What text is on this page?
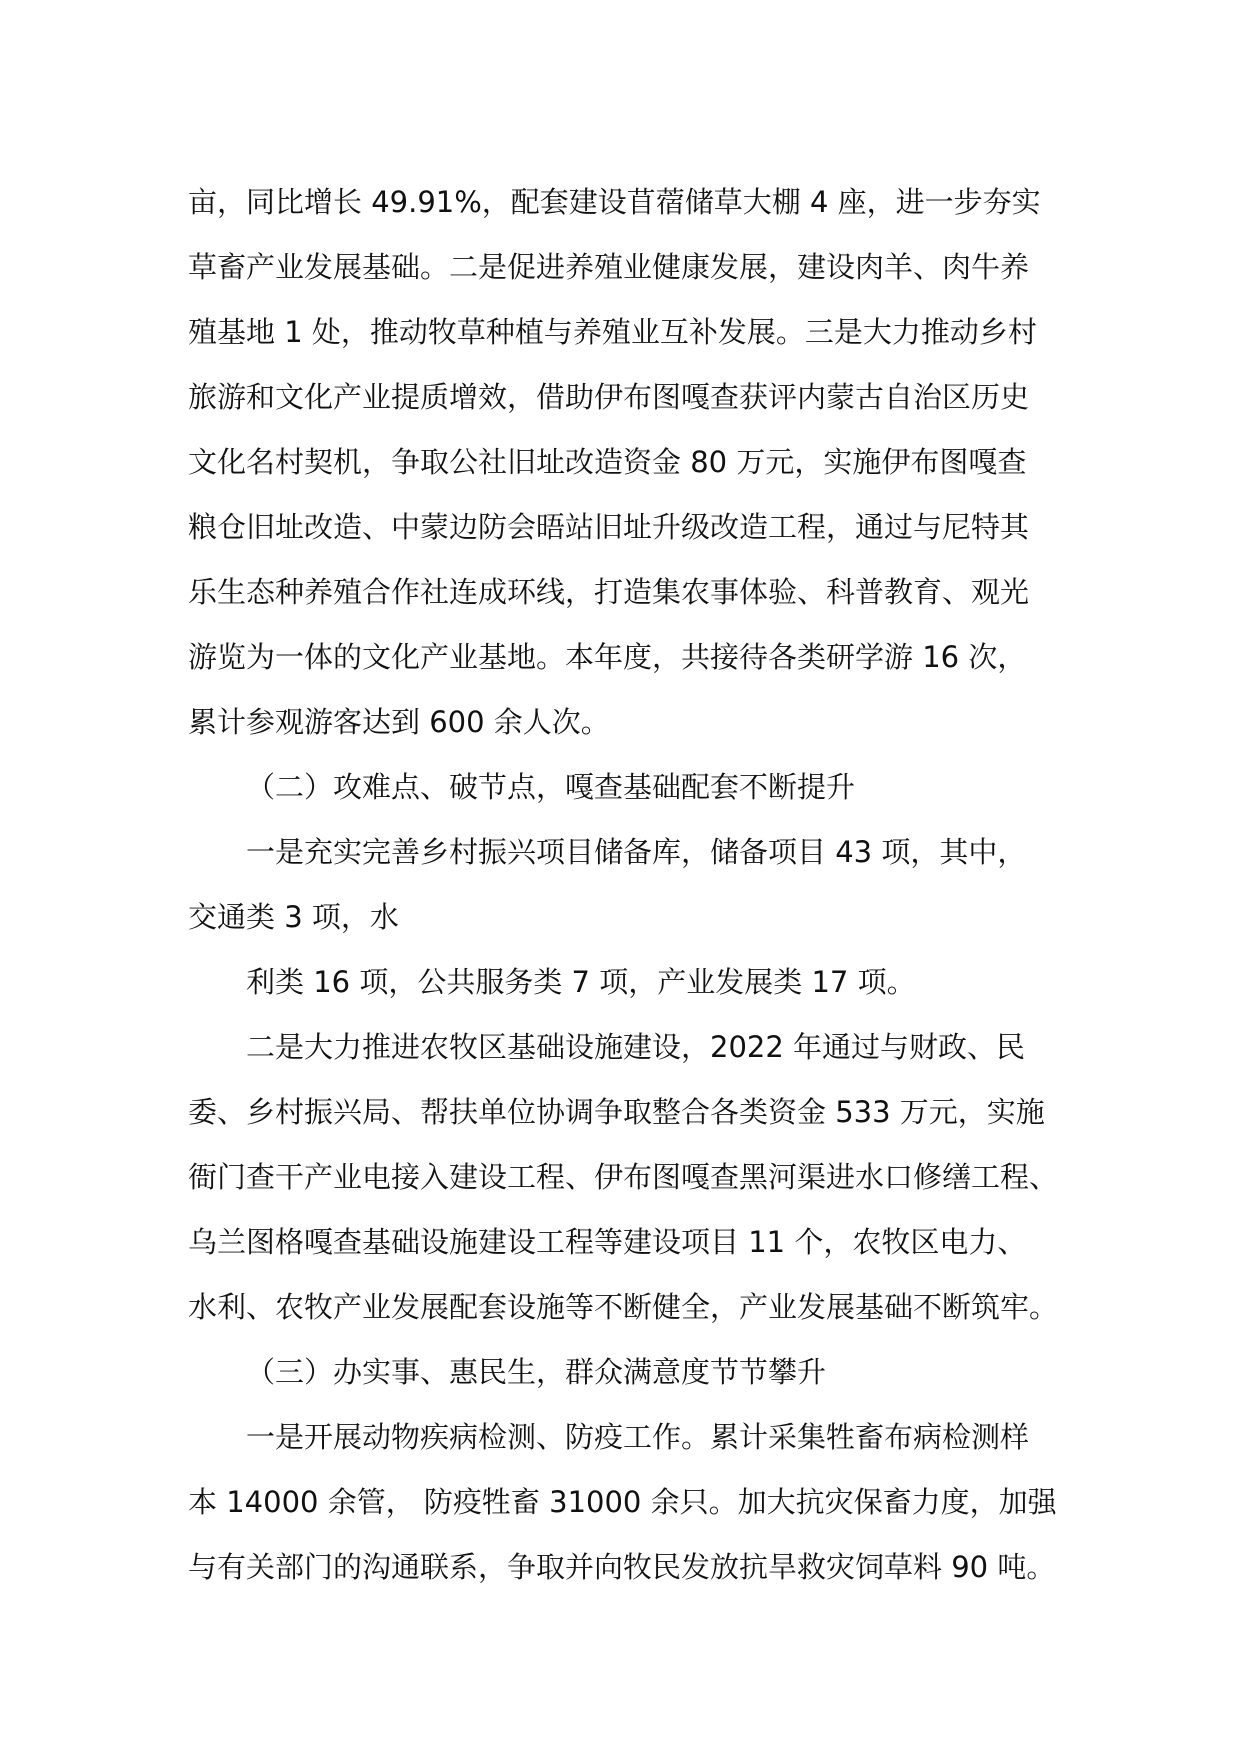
亩，同比增长 49.91%，配套建设苜蓿储草大棚 4 座，进一步夯实
草畜产业发展基础。二是促进养殖业健康发展，建设肉羊、肉牛养
殖基地 1 处，推动牧草种植与养殖业互补发展。三是大力推动乡村
旅游和文化产业提质增效，借助伊布图嘎查获评内蒙古自治区历史
文化名村契机，争取公社旧址改造资金 80 万元，实施伊布图嘎查
粮仓旧址改造、中蒙边防会晤站旧址升级改造工程，通过与尼特其
乐生态种养殖合作社连成环线，打造集农事体验、科普教育、观光
游览为一体的文化产业基地。本年度，共接待各类研学游 16 次，
累计参观游客达到 600 余人次。
（二）攻难点、破节点，嘎查基础配套不断提升
一是充实完善乡村振兴项目储备库，储备项目 43 项，其中，
交通类 3 项，水
利类 16 项，公共服务类 7 项，产业发展类 17 项。
二是大力推进农牧区基础设施建设，2022 年通过与财政、民
委、乡村振兴局、帮扶单位协调争取整合各类资金 533 万元，实施
衙门查干产业电接入建设工程、伊布图嘎查黑河渠进水口修缮工程、
乌兰图格嘎查基础设施建设工程等建设项目 11 个，农牧区电力、
水利、农牧产业发展配套设施等不断健全，产业发展基础不断筑牢。
（三）办实事、惠民生，群众满意度节节攀升
一是开展动物疾病检测、防疫工作。累计采集牲畜布病检测样
本 14000 余管， 防疫牲畜 31000 余只。加大抗灾保畜力度，加强
与有关部门的沟通联系，争取并向牧民发放抗旱救灾饲草料 90 吨。
